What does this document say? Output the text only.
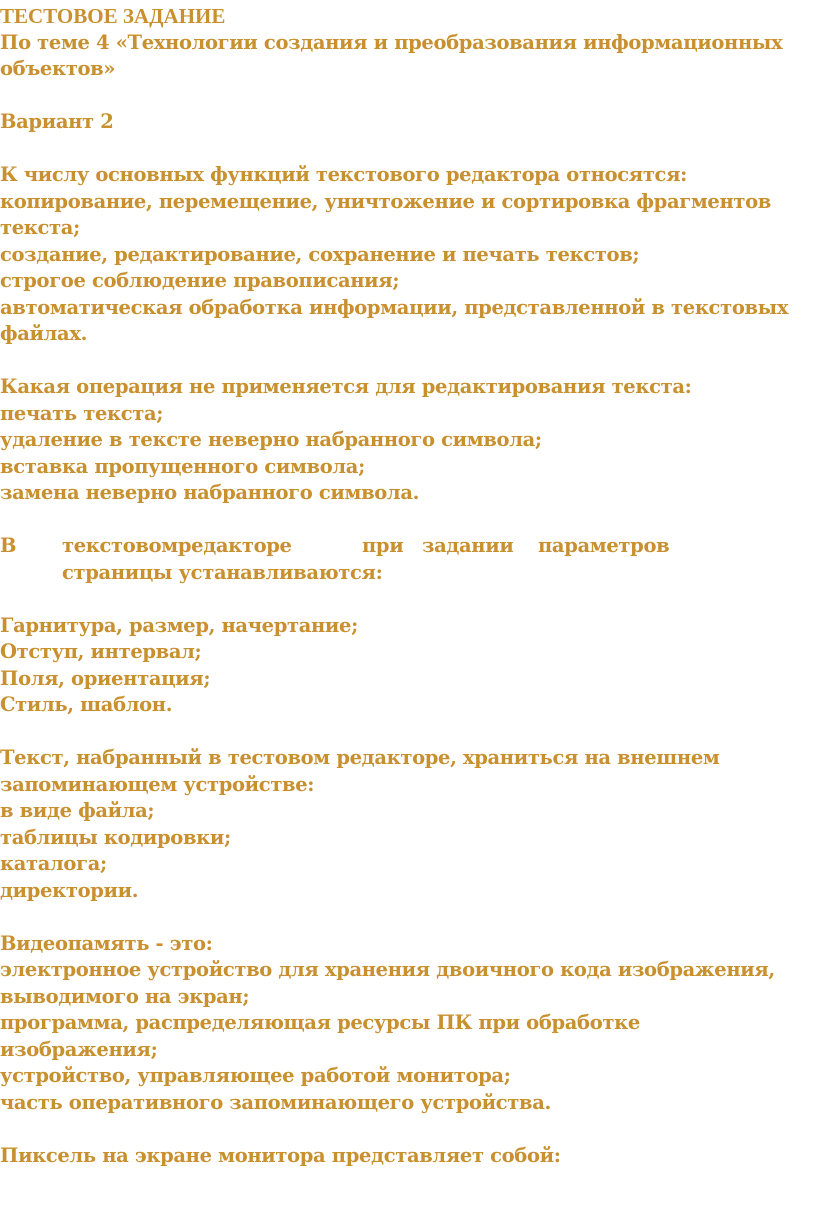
ТЕСТОВОЕ ЗАДАНИЕ
По теме 4 «Технологии создания и преобразования информационных
объектов»
Вариант 2
К числу основных функций текстового редактора относятся:
копирование, перемещение, уничтожение и сортировка фрагментов
текста;
создание, редактирование, сохранение и печать текстов;
строгое соблюдение правописания;
автоматическая обработка информации, представленной в текстовых
файлах.
Какая операция не применяется для редактирования текста:
печать текста;
удаление в тексте неверно набранного символа;
вставка пропущенного символа;
замена неверно набранного символа.
В текстовомредакторе	при задании параметров
страницы устанавливаются:
Гарнитура, размер, начертание;
Отступ, интервал;
Поля, ориентация;
Стиль, шаблон.
Текст, набранный в тестовом редакторе, храниться на внешнем
запоминающем устройстве:
в виде файла;
таблицы кодировки;
каталога;
директории.
Видеопамять - это:
электронное устройство для хранения двоичного кода изображения,
выводимого на экран;
программа, распределяющая ресурсы ПК при обработке
изображения;
устройство, управляющее работой монитора;
часть оперативного запоминающего устройства.
Пиксель на экране монитора представляет собой:
